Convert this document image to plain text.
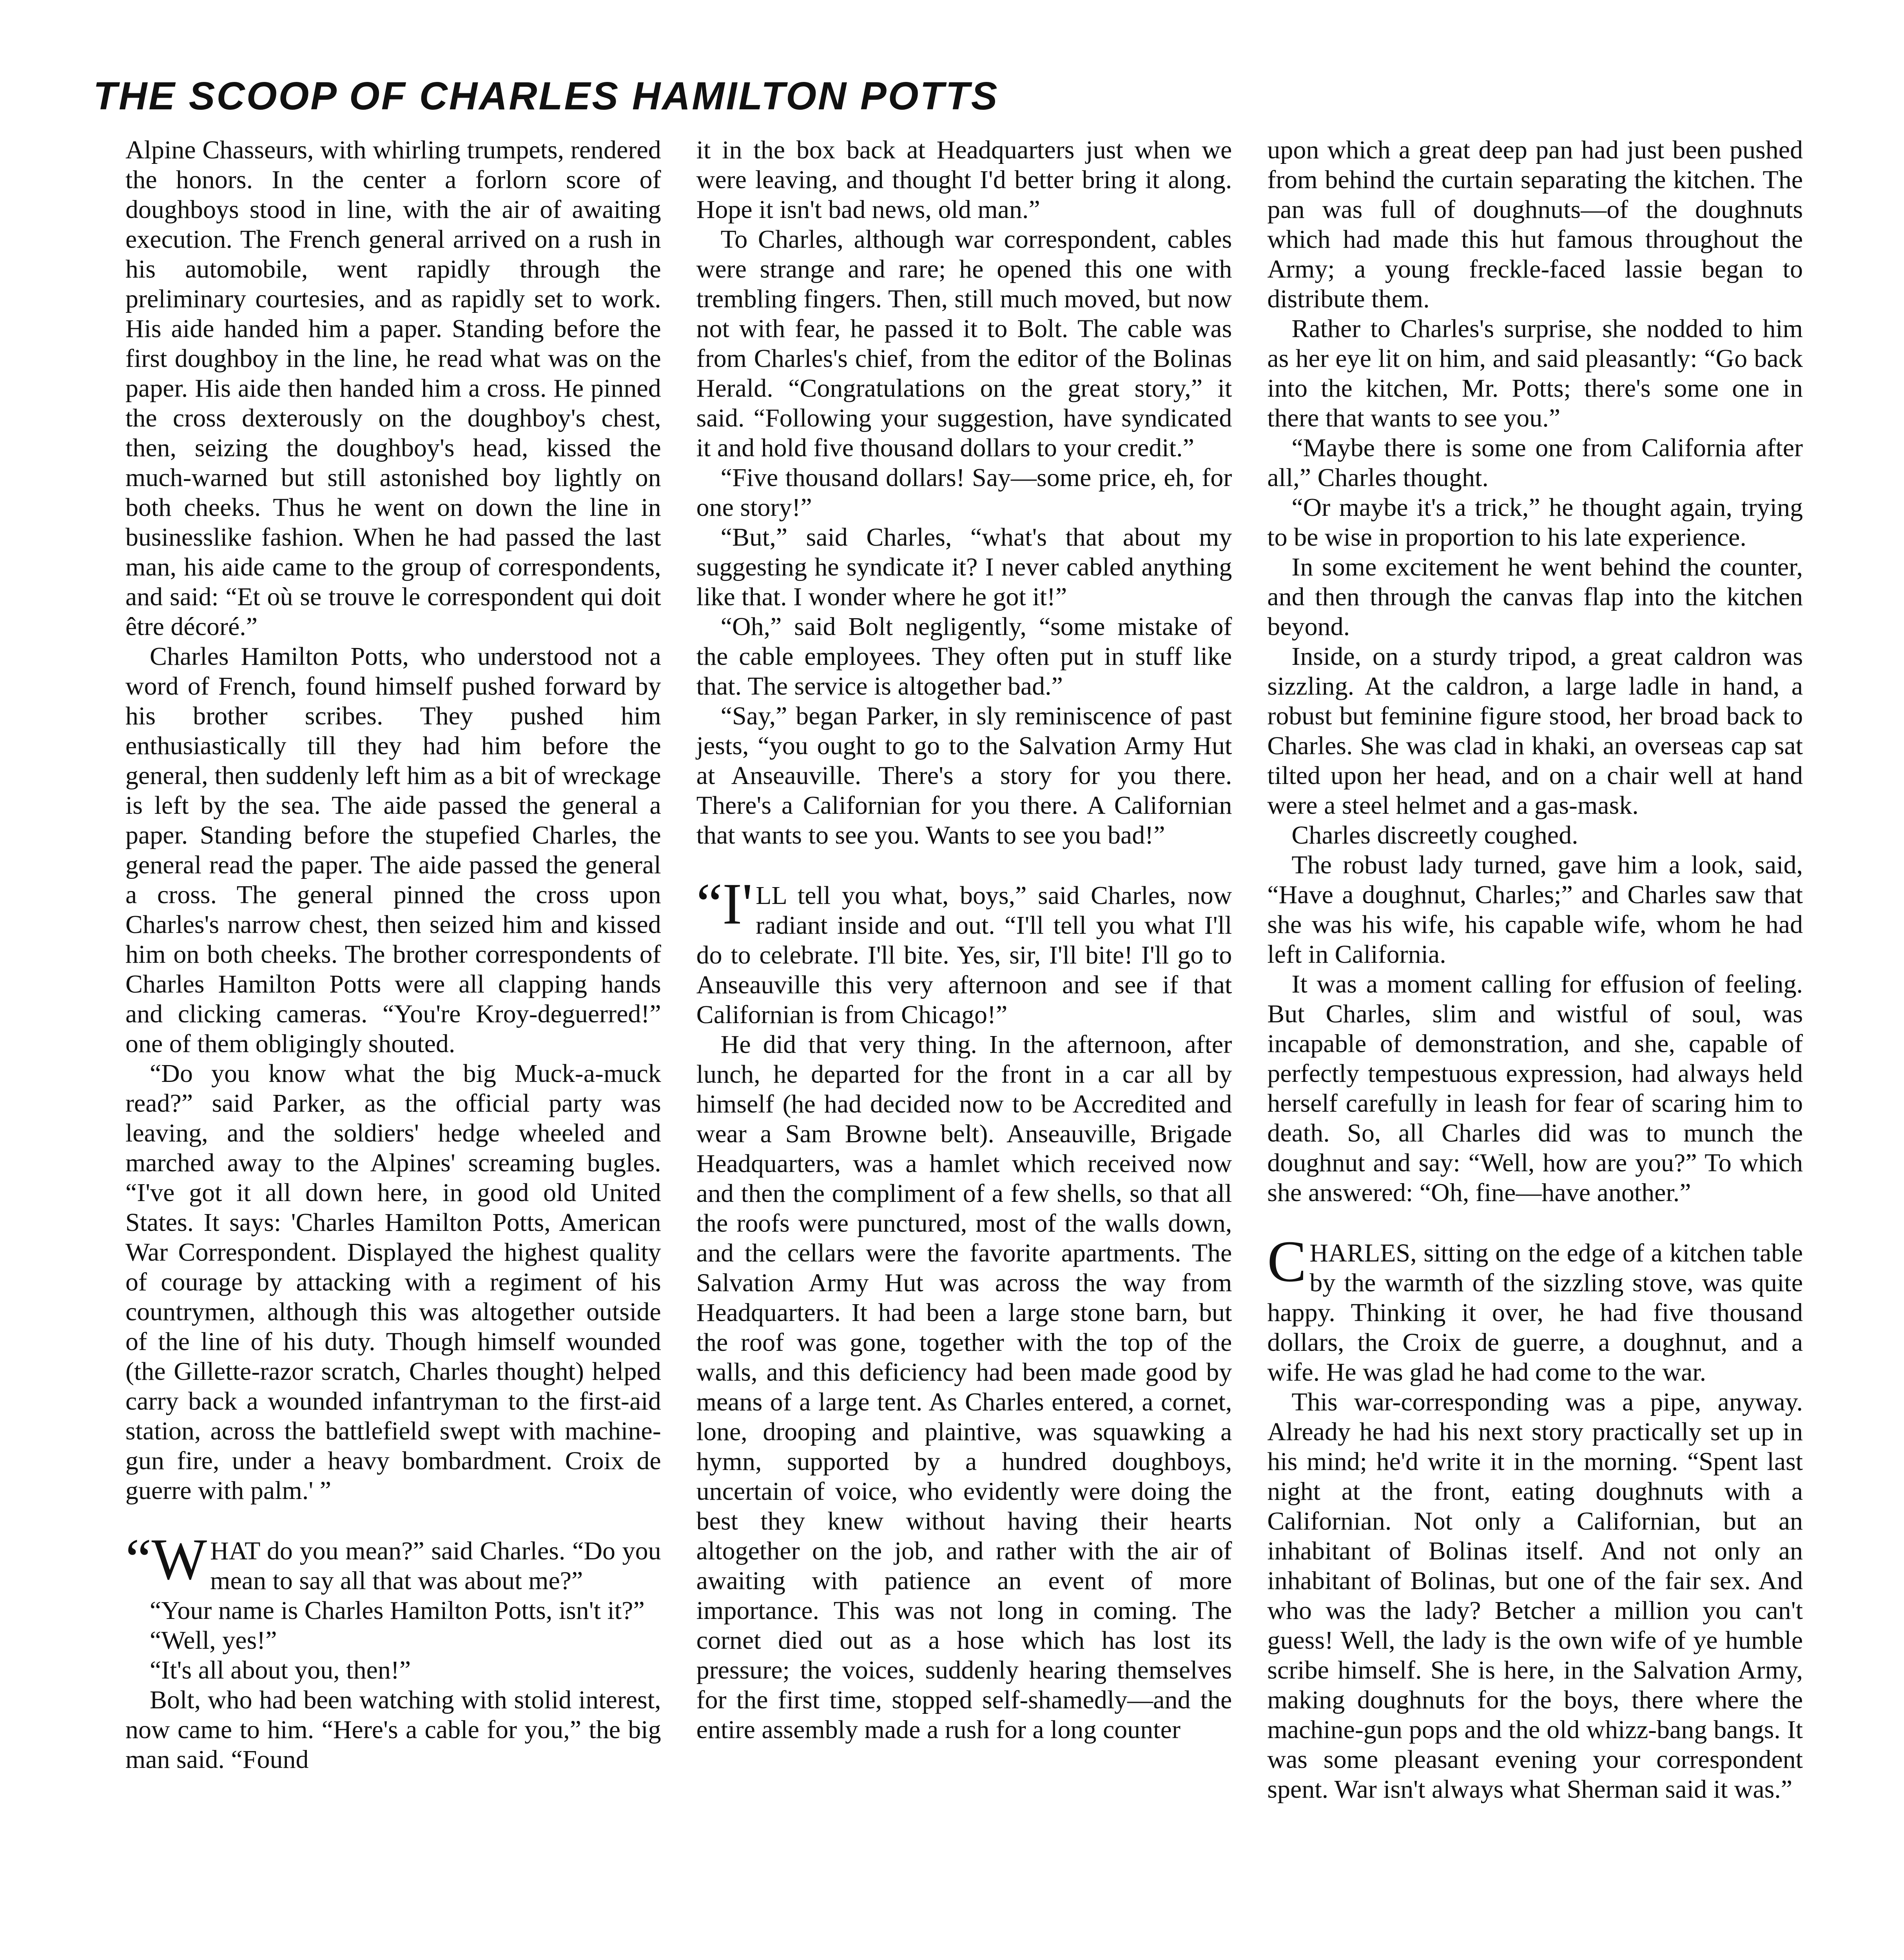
THE SCOOP OF CHARLES HAMILTON POTTS

Alpine Chasseurs, with whirling trumpets, rendered the honors. In the center a forlorn score of doughboys stood in line, with the air of awaiting execution. The French general arrived on a rush in his automobile, went rapidly through the preliminary courtesies, and as rapidly set to work. His aide handed him a paper. Standing before the first doughboy in the line, he read what was on the paper. His aide then handed him a cross. He pinned the cross dexterously on the doughboy's chest, then, seizing the doughboy's head, kissed the much-warned but still astonished boy lightly on both cheeks. Thus he went on down the line in businesslike fashion. When he had passed the last man, his aide came to the group of correspondents, and said: “Et où se trouve le correspondent qui doit être décoré.”

Charles Hamilton Potts, who understood not a word of French, found himself pushed forward by his brother scribes. They pushed him enthusiastically till they had him before the general, then suddenly left him as a bit of wreckage is left by the sea. The aide passed the general a paper. Standing before the stupefied Charles, the general read the paper. The aide passed the general a cross. The general pinned the cross upon Charles's narrow chest, then seized him and kissed him on both cheeks. The brother correspondents of Charles Hamilton Potts were all clapping hands and clicking cameras. “You're Kroy-deguerred!” one of them obligingly shouted.

“Do you know what the big Muck-a-muck read?” said Parker, as the official party was leaving, and the soldiers' hedge wheeled and marched away to the Alpines' screaming bugles. “I've got it all down here, in good old United States. It says: 'Charles Hamilton Potts, American War Correspondent. Displayed the highest quality of courage by attacking with a regiment of his countrymen, although this was altogether outside of the line of his duty. Though himself wounded (the Gillette-razor scratch, Charles thought) helped carry back a wounded infantryman to the first-aid station, across the battlefield swept with machine-gun fire, under a heavy bombardment. Croix de guerre with palm.' ”

“WHAT do you mean?” said Charles. “Do you mean to say all that was about me?”

“Your name is Charles Hamilton Potts, isn't it?”

“Well, yes!”

“It's all about you, then!”

Bolt, who had been watching with stolid interest, now came to him. “Here's a cable for you,” the big man said. “Found

it in the box back at Headquarters just when we were leaving, and thought I'd better bring it along. Hope it isn't bad news, old man.”

To Charles, although war correspondent, cables were strange and rare; he opened this one with trembling fingers. Then, still much moved, but now not with fear, he passed it to Bolt. The cable was from Charles's chief, from the editor of the Bolinas Herald. “Congratulations on the great story,” it said. “Following your suggestion, have syndicated it and hold five thousand dollars to your credit.”

“Five thousand dollars! Say—some price, eh, for one story!”

“But,” said Charles, “what's that about my suggesting he syndicate it? I never cabled anything like that. I wonder where he got it!”

“Oh,” said Bolt negligently, “some mistake of the cable employees. They often put in stuff like that. The service is altogether bad.”

“Say,” began Parker, in sly reminiscence of past jests, “you ought to go to the Salvation Army Hut at Anseauville. There's a story for you there. There's a Californian for you there. A Californian that wants to see you. Wants to see you bad!”

“I'LL tell you what, boys,” said Charles, now radiant inside and out. “I'll tell you what I'll do to celebrate. I'll bite. Yes, sir, I'll bite! I'll go to Anseauville this very afternoon and see if that Californian is from Chicago!”

He did that very thing. In the afternoon, after lunch, he departed for the front in a car all by himself (he had decided now to be Accredited and wear a Sam Browne belt). Anseauville, Brigade Headquarters, was a hamlet which received now and then the compliment of a few shells, so that all the roofs were punctured, most of the walls down, and the cellars were the favorite apartments. The Salvation Army Hut was across the way from Headquarters. It had been a large stone barn, but the roof was gone, together with the top of the walls, and this deficiency had been made good by means of a large tent. As Charles entered, a cornet, lone, drooping and plaintive, was squawking a hymn, supported by a hundred doughboys, uncertain of voice, who evidently were doing the best they knew without having their hearts altogether on the job, and rather with the air of awaiting with patience an event of more importance. This was not long in coming. The cornet died out as a hose which has lost its pressure; the voices, suddenly hearing themselves for the first time, stopped self-shamedly—and the entire assembly made a rush for a long counter

upon which a great deep pan had just been pushed from behind the curtain separating the kitchen. The pan was full of doughnuts—of the doughnuts which had made this hut famous throughout the Army; a young freckle-faced lassie began to distribute them.

Rather to Charles's surprise, she nodded to him as her eye lit on him, and said pleasantly: “Go back into the kitchen, Mr. Potts; there's some one in there that wants to see you.”

“Maybe there is some one from California after all,” Charles thought.

“Or maybe it's a trick,” he thought again, trying to be wise in proportion to his late experience.

In some excitement he went behind the counter, and then through the canvas flap into the kitchen beyond.

Inside, on a sturdy tripod, a great caldron was sizzling. At the caldron, a large ladle in hand, a robust but feminine figure stood, her broad back to Charles. She was clad in khaki, an overseas cap sat tilted upon her head, and on a chair well at hand were a steel helmet and a gas-mask.

Charles discreetly coughed.

The robust lady turned, gave him a look, said, “Have a doughnut, Charles;” and Charles saw that she was his wife, his capable wife, whom he had left in California.

It was a moment calling for effusion of feeling. But Charles, slim and wistful of soul, was incapable of demonstration, and she, capable of perfectly tempestuous expression, had always held herself carefully in leash for fear of scaring him to death. So, all Charles did was to munch the doughnut and say: “Well, how are you?” To which she answered: “Oh, fine—have another.”

CHARLES, sitting on the edge of a kitchen table by the warmth of the sizzling stove, was quite happy. Thinking it over, he had five thousand dollars, the Croix de guerre, a doughnut, and a wife. He was glad he had come to the war.

This war-corresponding was a pipe, anyway. Already he had his next story practically set up in his mind; he'd write it in the morning. “Spent last night at the front, eating doughnuts with a Californian. Not only a Californian, but an inhabitant of Bolinas itself. And not only an inhabitant of Bolinas, but one of the fair sex. And who was the lady? Betcher a million you can't guess! Well, the lady is the own wife of ye humble scribe himself. She is here, in the Salvation Army, making doughnuts for the boys, there where the machine-gun pops and the old whizz-bang bangs. It was some pleasant evening your correspondent spent. War isn't always what Sherman said it was.”
